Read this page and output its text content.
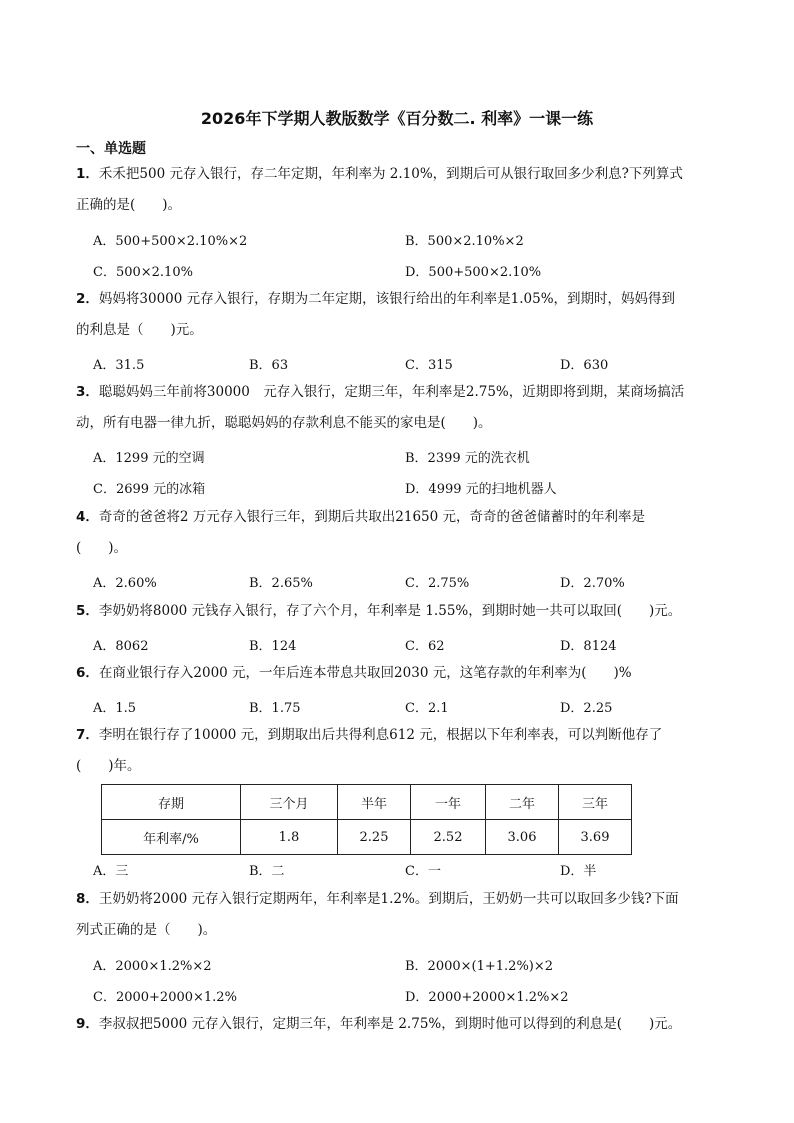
2026年下学期人教版数学《百分数二. 利率》一课一练
一、单选题
1．禾禾把500 元存入银行，存二年定期，年利率为 2.10%，到期后可从银行取回多少利息?下列算式
正确的是(　　)。
A．500+500×2.10%×2	B．500×2.10%×2
C．500×2.10%	D．500+500×2.10%
2．妈妈将30000 元存入银行，存期为二年定期，该银行给出的年利率是1.05%，到期时，妈妈得到
的利息是（　　)元。
A．31.5	B．63	C．315	D．630
3．聪聪妈妈三年前将30000　元存入银行，定期三年，年利率是2.75%，近期即将到期，某商场搞活
动，所有电器一律九折，聪聪妈妈的存款利息不能买的家电是(　　)。
A．1299 元的空调	B．2399 元的洗衣机
C．2699 元的冰箱	D．4999 元的扫地机器人
4．奇奇的爸爸将2 万元存入银行三年，到期后共取出21650 元，奇奇的爸爸储蓄时的年利率是
(　　)。
A．2.60%	B．2.65%	C．2.75%	D．2.70%
5．李奶奶将8000 元钱存入银行，存了六个月，年利率是 1.55%，到期时她一共可以取回(　　)元。
A．8062	B．124	C．62	D．8124
6．在商业银行存入2000 元，一年后连本带息共取回2030 元，这笔存款的年利率为(　　)%
A．1.5	B．1.75	C．2.1	D．2.25
7．李明在银行存了10000 元，到期取出后共得利息612 元，根据以下年利率表，可以判断他存了
(　　)年。
存期	三个月	半年	一年	二年	三年
年利率/%	1.8	2.25	2.52	3.06	3.69
A．三	B．二	C．一	D．半
8．王奶奶将2000 元存入银行定期两年，年利率是1.2%。到期后，王奶奶一共可以取回多少钱?下面
列式正确的是（　　)。
A．2000×1.2%×2	B．2000×(1+1.2%)×2
C．2000+2000×1.2%	D．2000+2000×1.2%×2
9．李叔叔把5000 元存入银行，定期三年，年利率是 2.75%，到期时他可以得到的利息是(　　)元。
